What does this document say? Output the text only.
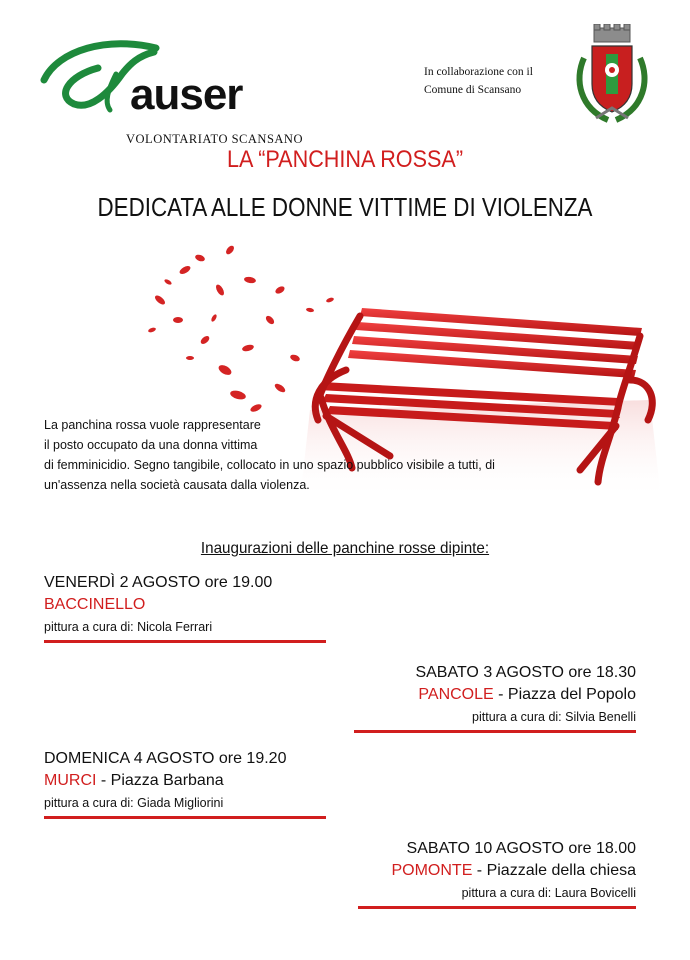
auser
VOLONTARIATO SCANSANO
In collaborazione con il
Comune di Scansano
LA “PANCHINA ROSSA”
DEDICATA ALLE DONNE VITTIME DI VIOLENZA
La panchina rossa vuole rappresentare
il posto occupato da una donna vittima
di femminicidio. Segno tangibile, collocato in uno spazio pubblico visibile a tutti, di
un'assenza nella società causata dalla violenza.
Inaugurazioni delle panchine rosse dipinte:
VENERDÌ 2 AGOSTO ore 19.00
BACCINELLO
pittura a cura di: Nicola Ferrari
SABATO 3 AGOSTO ore 18.30
PANCOLE - Piazza del Popolo
pittura a cura di: Silvia Benelli
DOMENICA 4 AGOSTO ore 19.20
MURCI - Piazza Barbana
pittura a cura di: Giada Migliorini
SABATO 10 AGOSTO ore 18.00
POMONTE - Piazzale della chiesa
pittura a cura di: Laura Bovicelli
